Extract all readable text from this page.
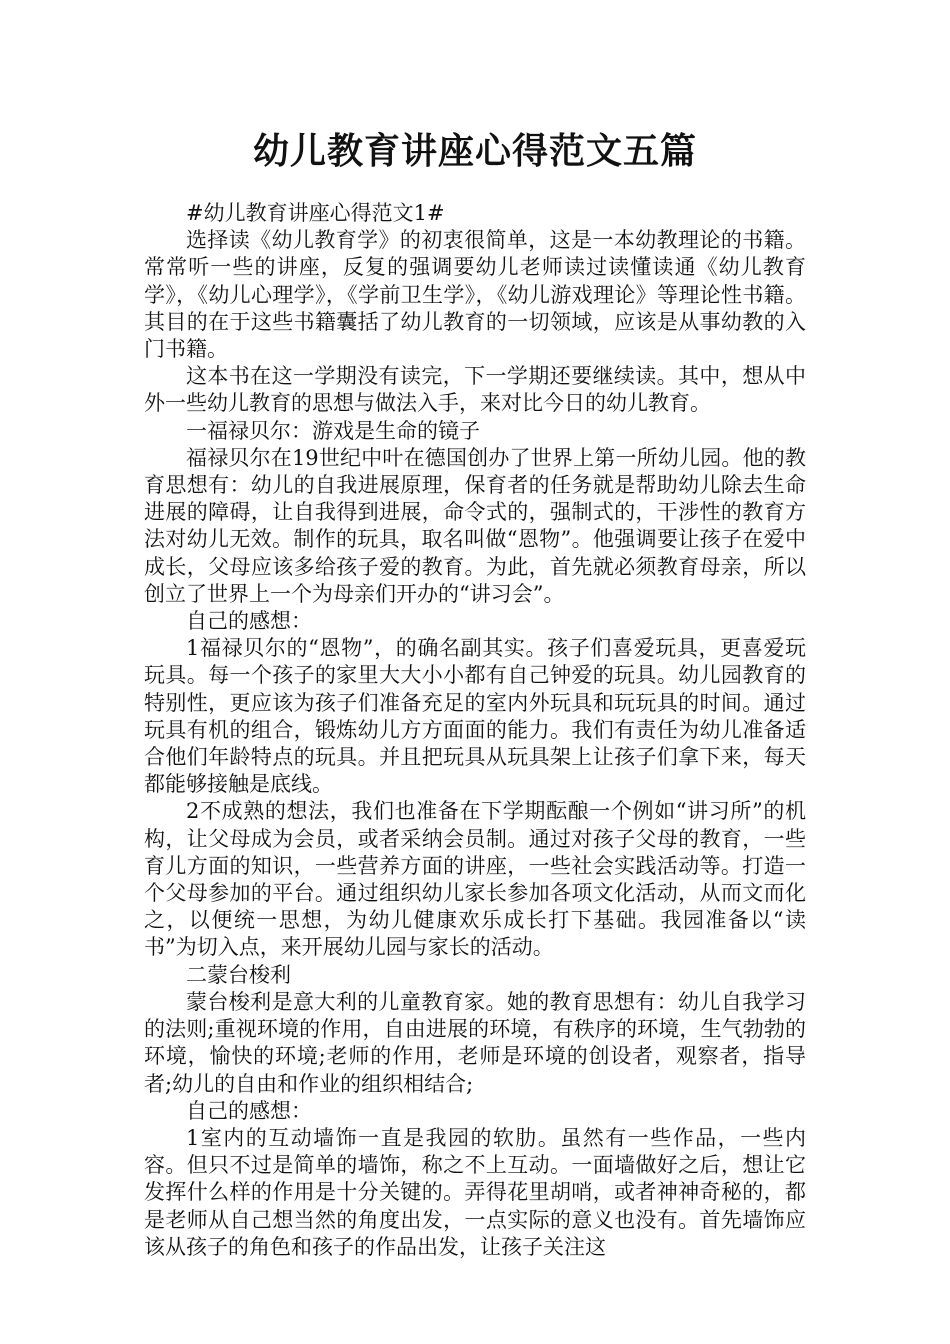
幼儿教育讲座心得范文五篇

#幼儿教育讲座心得范文1#

选择读《幼儿教育学》的初衷很简单，这是一本幼教理论的书籍。常常听一些的讲座，反复的强调要幼儿老师读过读懂读通《幼儿教育学》，《幼儿心理学》，《学前卫生学》，《幼儿游戏理论》等理论性书籍。其目的在于这些书籍囊括了幼儿教育的一切领域，应该是从事幼教的入门书籍。

这本书在这一学期没有读完，下一学期还要继续读。其中，想从中外一些幼儿教育的思想与做法入手，来对比今日的幼儿教育。

一福禄贝尔：游戏是生命的镜子

福禄贝尔在19世纪中叶在德国创办了世界上第一所幼儿园。他的教育思想有：幼儿的自我进展原理，保育者的任务就是帮助幼儿除去生命进展的障碍，让自我得到进展，命令式的，强制式的，干涉性的教育方法对幼儿无效。制作的玩具，取名叫做“恩物”。他强调要让孩子在爱中成长，父母应该多给孩子爱的教育。为此，首先就必须教育母亲，所以创立了世界上一个为母亲们开办的“讲习会”。

自己的感想：

1福禄贝尔的“恩物”，的确名副其实。孩子们喜爱玩具，更喜爱玩玩具。每一个孩子的家里大大小小都有自己钟爱的玩具。幼儿园教育的特别性，更应该为孩子们准备充足的室内外玩具和玩玩具的时间。通过玩具有机的组合，锻炼幼儿方方面面的能力。我们有责任为幼儿准备适合他们年龄特点的玩具。并且把玩具从玩具架上让孩子们拿下来，每天都能够接触是底线。

2不成熟的想法，我们也准备在下学期酝酿一个例如“讲习所”的机构，让父母成为会员，或者采纳会员制。通过对孩子父母的教育，一些育儿方面的知识，一些营养方面的讲座，一些社会实践活动等。打造一个父母参加的平台。通过组织幼儿家长参加各项文化活动，从而文而化之，以便统一思想，为幼儿健康欢乐成长打下基础。我园准备以“读书”为切入点，来开展幼儿园与家长的活动。

二蒙台梭利

蒙台梭利是意大利的儿童教育家。她的教育思想有：幼儿自我学习的法则;重视环境的作用，自由进展的环境，有秩序的环境，生气勃勃的环境，愉快的环境;老师的作用，老师是环境的创设者，观察者，指导者;幼儿的自由和作业的组织相结合;

自己的感想：

1室内的互动墙饰一直是我园的软肋。虽然有一些作品，一些内容。但只不过是简单的墙饰，称之不上互动。一面墙做好之后，想让它发挥什么样的作用是十分关键的。弄得花里胡哨，或者神神奇秘的，都是老师从自己想当然的角度出发，一点实际的意义也没有。首先墙饰应该从孩子的角色和孩子的作品出发，让孩子关注这
